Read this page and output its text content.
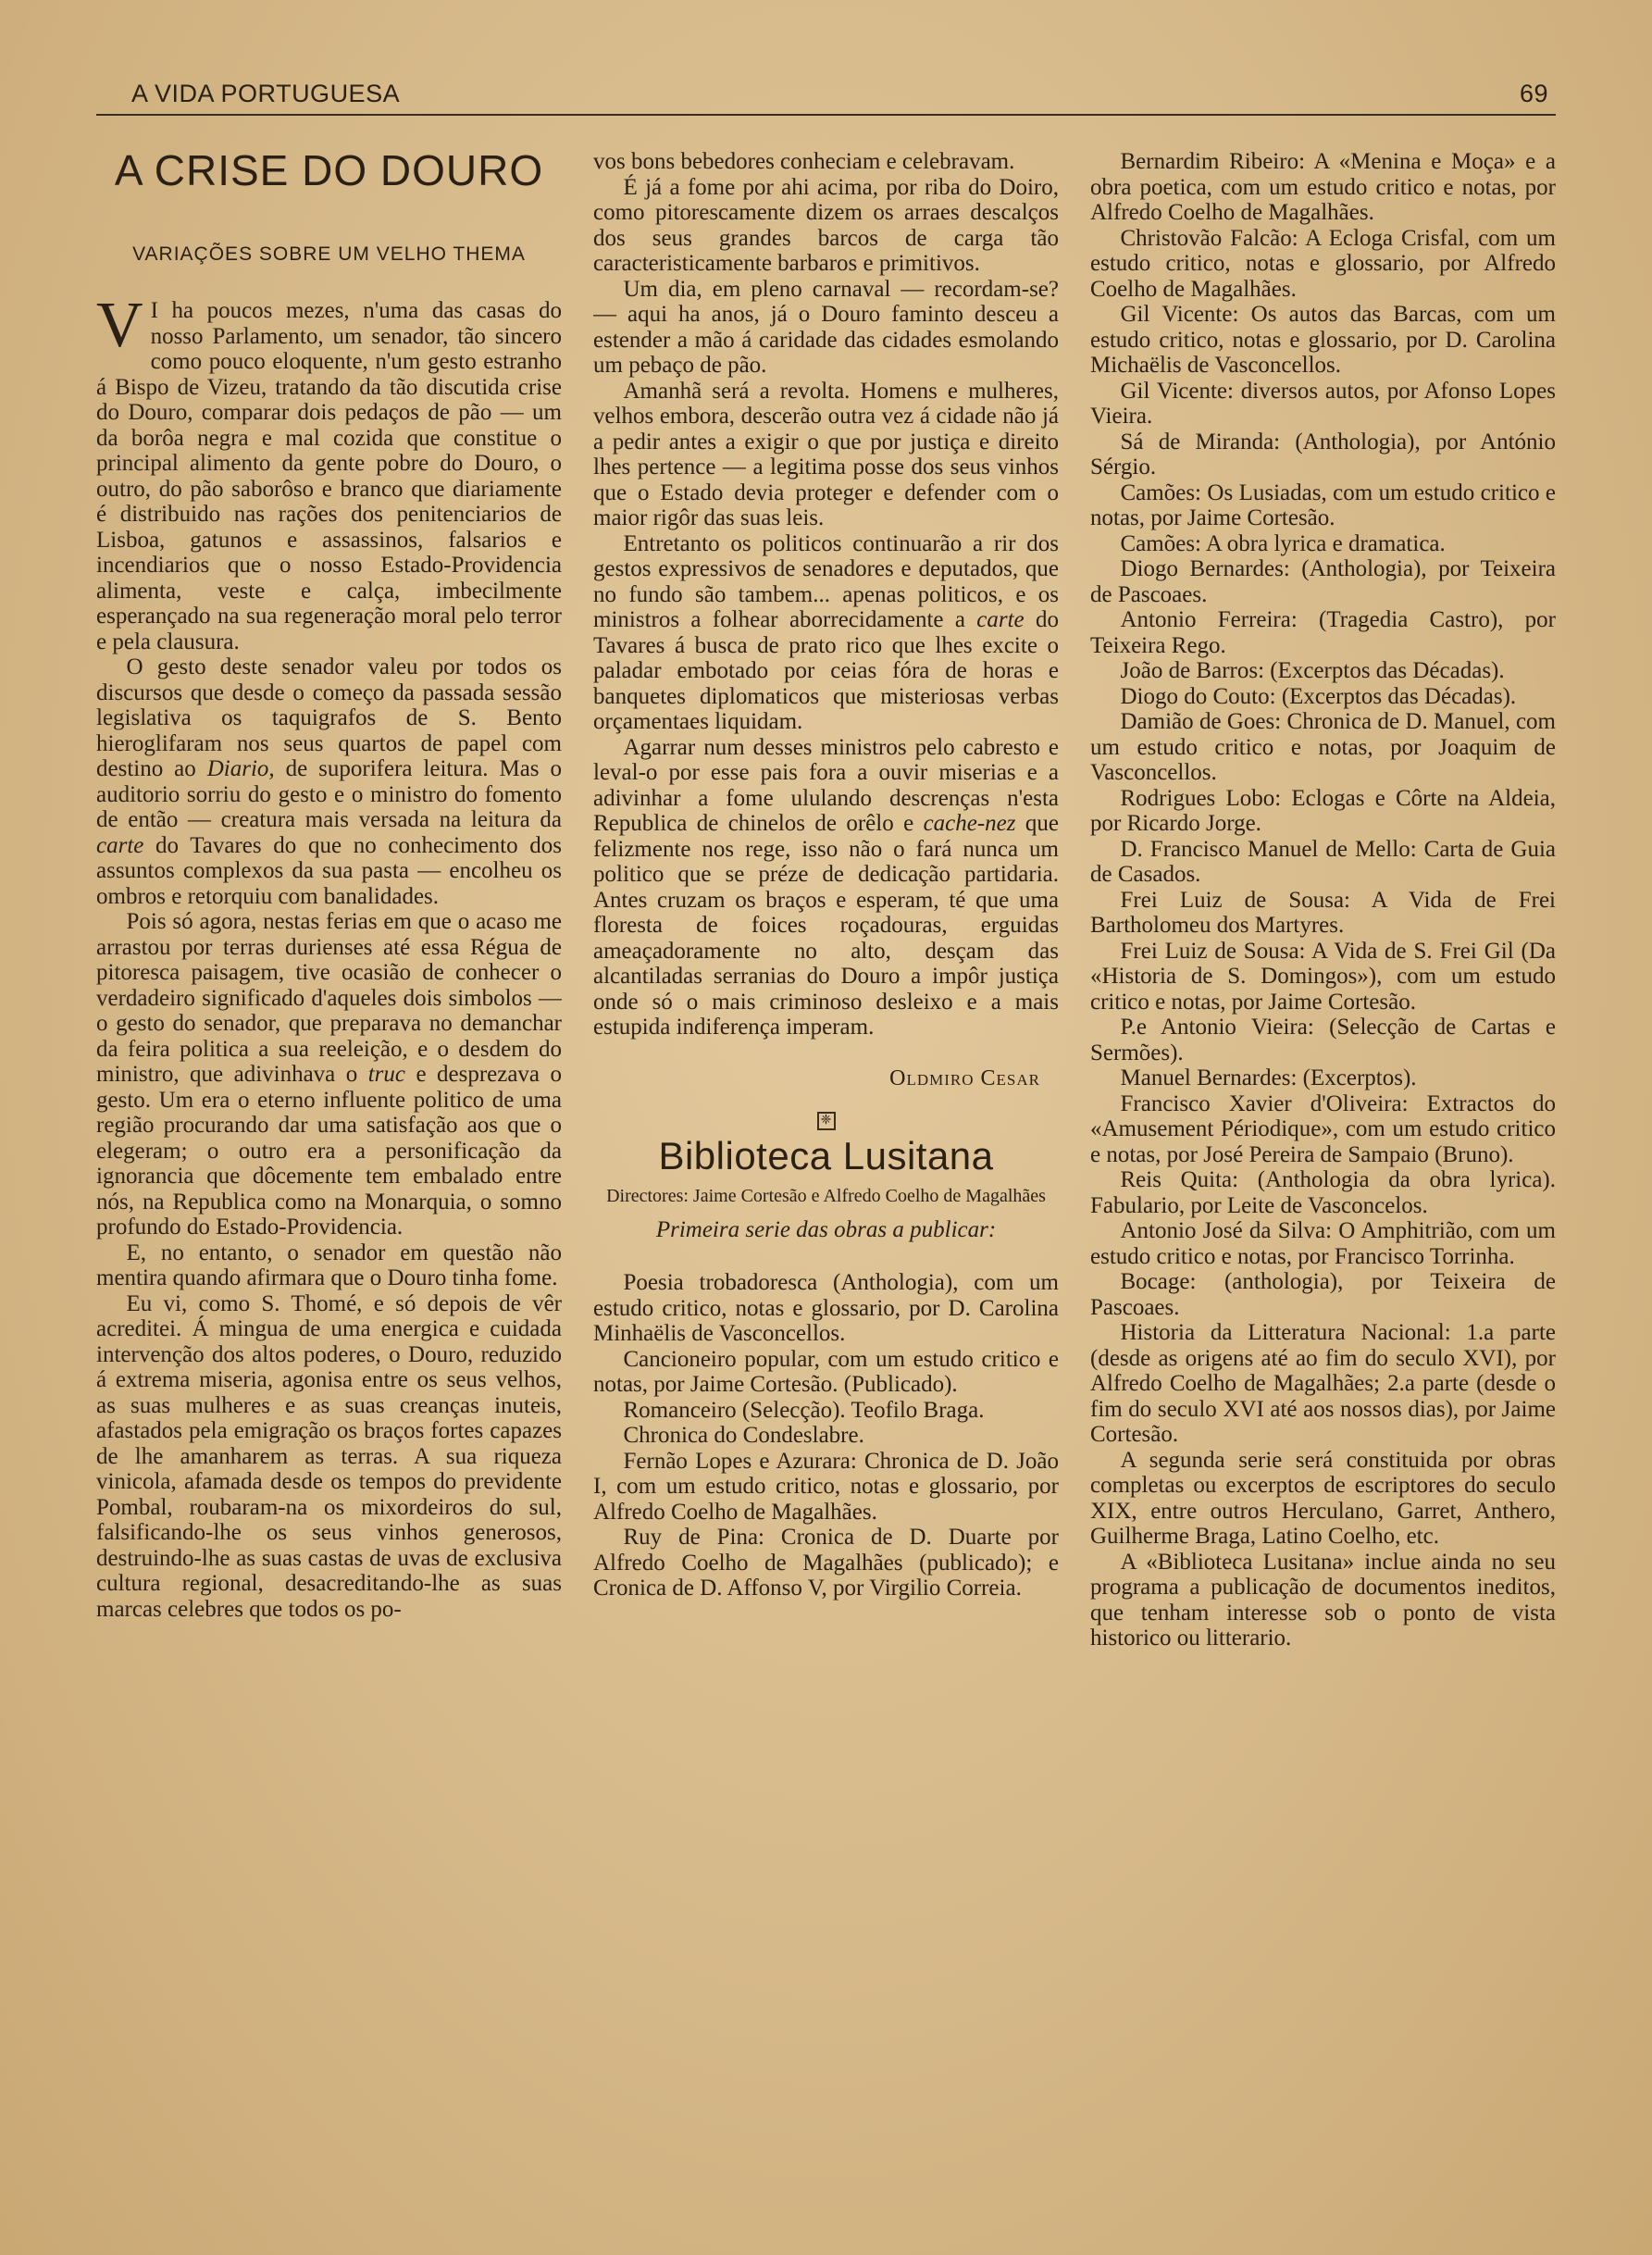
A VIDA PORTUGUESA	69
A CRISE DO DOURO
VARIAÇÕES SOBRE UM VELHO THEMA

V I ha poucos mezes, n'uma das casas do nosso Parlamento, um senador, tão sincero como pouco eloquente, n'um gesto estranho á Bispo de Vizeu, tratando da tão discutida crise do Douro, comparar dois pedaços de pão — um da borôa negra e mal cozida que constitue o principal alimento da gente pobre do Douro, o outro, do pão saborôso e branco que diariamente é distribuido nas rações dos penitenciarios de Lisboa, gatunos e assassinos, falsarios e incendiarios que o nosso Estado-Providencia alimenta, veste e calça, imbecilmente esperançado na sua regeneração moral pelo terror e pela clausura.

O gesto deste senador valeu por todos os discursos que desde o começo da passada sessão legislativa os taquigrafos de S. Bento hieroglifaram nos seus quartos de papel com destino ao Diario, de suporifera leitura. Mas o auditorio sorriu do gesto e o ministro do fomento de então — creatura mais versada na leitura da carte do Tavares do que no conhecimento dos assuntos complexos da sua pasta — encolheu os ombros e retorquiu com banalidades.

Pois só agora, nestas ferias em que o acaso me arrastou por terras durienses até essa Régua de pitoresca paisagem, tive ocasião de conhecer o verdadeiro significado d'aqueles dois simbolos — o gesto do senador, que preparava no demanchar da feira politica a sua reeleição, e o desdem do ministro, que adivinhava o truc e desprezava o gesto. Um era o eterno influente politico de uma região procurando dar uma satisfação aos que o elegeram; o outro era a personificação da ignorancia que dôcemente tem embalado entre nós, na Republica como na Monarquia, o somno profundo do Estado-Providencia.

E, no entanto, o senador em questão não mentira quando afirmara que o Douro tinha fome.

Eu vi, como S. Thomé, e só depois de vêr acreditei. Á mingua de uma energica e cuidada intervenção dos altos poderes, o Douro, reduzido á extrema miseria, agonisa entre os seus velhos, as suas mulheres e as suas creanças inuteis, afastados pela emigração os braços fortes capazes de lhe amanharem as terras. A sua riqueza vinicola, afamada desde os tempos do previdente Pombal, roubaram-na os mixordeiros do sul, falsificando-lhe os seus vinhos generosos, destruindo-lhe as suas castas de uvas de exclusiva cultura regional, desacreditando-lhe as suas marcas celebres que todos os po-

vos bons bebedores conheciam e celebravam.

É já a fome por ahi acima, por riba do Doiro, como pitorescamente dizem os arraes descalços dos seus grandes barcos de carga tão caracteristicamente barbaros e primitivos.

Um dia, em pleno carnaval — recordam-se? — aqui ha anos, já o Douro faminto desceu a estender a mão á caridade das cidades esmolando um pebaço de pão.

Amanhã será a revolta. Homens e mulheres, velhos embora, descerão outra vez á cidade não já a pedir antes a exigir o que por justiça e direito lhes pertence — a legitima posse dos seus vinhos que o Estado devia proteger e defender com o maior rigôr das suas leis.

Entretanto os politicos continuarão a rir dos gestos expressivos de senadores e deputados, que no fundo são tambem... apenas politicos, e os ministros a folhear aborrecidamente a carte do Tavares á busca de prato rico que lhes excite o paladar embotado por ceias fóra de horas e banquetes diplomaticos que misteriosas verbas orçamentaes liquidam.

Agarrar num desses ministros pelo cabresto e leval-o por esse pais fora a ouvir miserias e a adivinhar a fome ululando descrenças n'esta Republica de chinelos de orêlo e cache-nez que felizmente nos rege, isso não o fará nunca um politico que se préze de dedicação partidaria. Antes cruzam os braços e esperam, té que uma floresta de foices roçadouras, erguidas ameaçadoramente no alto, desçam das alcantiladas serranias do Douro a impôr justiça onde só o mais criminoso desleixo e a mais estupida indiferença imperam.

Oldmiro Cesar
❈
Biblioteca Lusitana
Directores: Jaime Cortesão e Alfredo Coelho de Magalhães
Primeira serie das obras a publicar:

Poesia trobadoresca (Anthologia), com um estudo critico, notas e glossario, por D. Carolina Minhaëlis de Vasconcellos.

Cancioneiro popular, com um estudo critico e notas, por Jaime Cortesão. (Publicado).

Romanceiro (Selecção). Teofilo Braga.

Chronica do Condeslabre.

Fernão Lopes e Azurara: Chronica de D. João I, com um estudo critico, notas e glossario, por Alfredo Coelho de Magalhães.

Ruy de Pina: Cronica de D. Duarte por Alfredo Coelho de Magalhães (publicado); e Cronica de D. Affonso V, por Virgilio Correia.

Bernardim Ribeiro: A «Menina e Moça» e a obra poetica, com um estudo critico e notas, por Alfredo Coelho de Magalhães.

Christovão Falcão: A Ecloga Crisfal, com um estudo critico, notas e glossario, por Alfredo Coelho de Magalhães.

Gil Vicente: Os autos das Barcas, com um estudo critico, notas e glossario, por D. Carolina Michaëlis de Vasconcellos.

Gil Vicente: diversos autos, por Afonso Lopes Vieira.

Sá de Miranda: (Anthologia), por António Sérgio.

Camões: Os Lusiadas, com um estudo critico e notas, por Jaime Cortesão.

Camões: A obra lyrica e dramatica.

Diogo Bernardes: (Anthologia), por Teixeira de Pascoaes.

Antonio Ferreira: (Tragedia Castro), por Teixeira Rego.

João de Barros: (Excerptos das Décadas).

Diogo do Couto: (Excerptos das Décadas).

Damião de Goes: Chronica de D. Manuel, com um estudo critico e notas, por Joaquim de Vasconcellos.

Rodrigues Lobo: Eclogas e Côrte na Aldeia, por Ricardo Jorge.

D. Francisco Manuel de Mello: Carta de Guia de Casados.

Frei Luiz de Sousa: A Vida de Frei Bartholomeu dos Martyres.

Frei Luiz de Sousa: A Vida de S. Frei Gil (Da «Historia de S. Domingos»), com um estudo critico e notas, por Jaime Cortesão.

P.e Antonio Vieira: (Selecção de Cartas e Sermões).

Manuel Bernardes: (Excerptos).

Francisco Xavier d'Oliveira: Extractos do «Amusement Périodique», com um estudo critico e notas, por José Pereira de Sampaio (Bruno).

Reis Quita: (Anthologia da obra lyrica). Fabulario, por Leite de Vasconcelos.

Antonio José da Silva: O Amphitrião, com um estudo critico e notas, por Francisco Torrinha.

Bocage: (anthologia), por Teixeira de Pascoaes.

Historia da Litteratura Nacional: 1.a parte (desde as origens até ao fim do seculo XVI), por Alfredo Coelho de Magalhães; 2.a parte (desde o fim do seculo XVI até aos nossos dias), por Jaime Cortesão.

A segunda serie será constituida por obras completas ou excerptos de escriptores do seculo XIX, entre outros Herculano, Garret, Anthero, Guilherme Braga, Latino Coelho, etc.

A «Biblioteca Lusitana» inclue ainda no seu programa a publicação de documentos ineditos, que tenham interesse sob o ponto de vista historico ou litterario.
